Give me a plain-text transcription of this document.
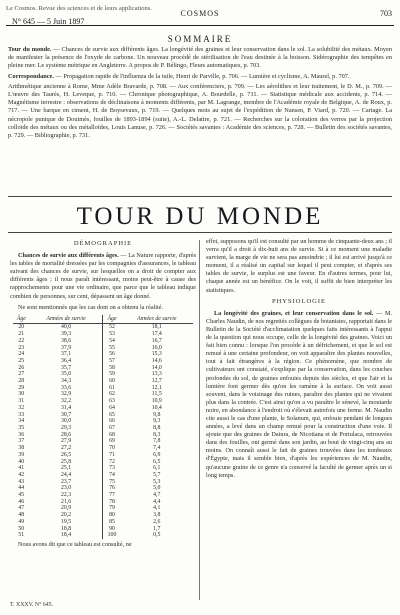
Le Cosmos. Revue des sciences et de leurs applications.
N° 645 — 5 Juin 1897
COSMOS	703
SOMMAIRE

Tour du monde. — Chances de survie aux différents âges. La longévité des graines et leur conservation dans le sol. La solubilité des métaux. Moyen de manifester la présence de l'oxyde de carbone. Un nouveau procédé de stérilisation de l'eau destinée à la boisson. Sidérographie des tempêtes en pleine mer. Le système métrique en Angleterre. A propos de P. Bélingo, Fleurs automatiques, p. 703.

Correspondance. — Propagation rapide de l'influenza de la tuile, Henri de Parville, p. 706. — Lumière et cyclisme, A. Maurel, p. 707.

Arithmétique ancienne à Rome, Mme Adèle Bravarde, p. 708. — Aux conférenciers, p. 709. — Les aérolithes et leur traitement, le D. M., p. 709. — L'œuvre des Taurès, H. Leveque, p. 710. — Chronique photographique, A. Bourdelle, p. 711. — Statistique médicale aux accidents, p. 714. — Magnétisme terrestre : observations de déclinaisons à moments différents, par M. Lagrange, membre de l'Académie royale de Belgique, A. de Roux, p. 717. — Une barque en ciment, H. de Boysevaux, p. 719. — Quelques mots au sujet de l'expédition de Nansen, P. Viard, p. 720. — Cartage. La nécropole punique de Douimès, fouilles de 1893-1894 (suite), A.-L. Delattre, p. 721. — Recherches sur la coloration des verres par la projection colloïde des métaux ou des métalloïdes, Louis Lanuse, p. 726. — Sociétés savantes : Académie des sciences, p. 728. — Bulletin des sociétés savantes, p. 729. — Bibliographie, p. 731.

TOUR DU MONDE
DÉMOGRAPHIE

Chances de survie aux différents âges. — La Nature rapporte, d'après les tables de mortalité dressées par les compagnies d'assurances, le tableau suivant des chances de survie, sur lesquelles on a droit de compter aux différents âges ; il nous paraît intéressant, moins peut-être à cause des rapprochements pour une vie ordinaire, que parce que le tableau indique combien de personnes, sur cent, dépassent un âge donné.

Ne sont mentionnés que les cas dont on a obtenu la réalité.

Âge	Années de survie	Âge	Années de survie
20	40,0	52	18,1
21	39,3	53	17,4
22	38,6	54	16,7
23	37,9	55	16,0
24	37,1	56	15,3
25	36,4	57	14,6
26	35,7	58	14,0
27	35,0	59	13,3
28	34,3	60	12,7
29	33,6	61	12,1
30	32,9	62	11,5
31	32,2	63	10,9
32	31,4	64	10,4
33	30,7	65	9,8
34	30,0	66	9,3
35	29,3	67	8,8
36	28,6	68	8,3
37	27,9	69	7,8
38	27,2	70	7,4
39	26,5	71	6,9
40	25,8	72	6,5
41	25,1	73	6,1
42	24,4	74	5,7
43	23,7	75	5,3
44	23,0	76	5,0
45	22,3	77	4,7
46	21,6	78	4,4
47	20,9	79	4,1
48	20,2	80	3,8
49	19,5	85	2,6
50	18,8	90	1,7
51	18,4	100	0,5

Nous avons dit que ce tableau est consulté, ne

effet, supposons qu'il est consulté par un homme de cinquante-deux ans ; il verra qu'il a droit à dix-huit ans de survie. Si à ce moment une maladie survient, la marge de vie ne sera pas amoindrie ; il lui est arrivé jusqu'à ce moment, il a réalisé un capital sur lequel il peut compter, et d'après ses tables de survie, le surplus est une faveur. En d'autres termes, pour lui, chaque année est un bénéfice. On le voit, il suffit de bien interpréter les statistiques.

PHYSIOLOGIE

La longévité des graines, et leur conservation dans le sol. — M. Charles Naudin, de nos regrettés collègues de botanistes, rapportait dans le Bulletin de la Société d'acclimatation quelques faits intéressants à l'appui de la question qui nous occupe, celle de la longévité des graines. Voici un fait bien connu : lorsque l'on procède à un défrichement, et que le sol est remué à une certaine profondeur, on voit apparaître des plantes nouvelles, tout à fait étrangères à la région. Ce phénomène, que nombre de cultivateurs ont constaté, s'explique par la conservation, dans les couches profondes du sol, de graines enfouies depuis des siècles, et que l'air et la lumière font germer dès qu'on les ramène à la surface. On voit aussi souvent, dans le voisinage des ruines, paraître des plantes qui ne vivaient plus dans la contrée. C'est ainsi qu'on a vu paraître le sénevé, la moutarde noire, en abondance à l'endroit où s'élevait autrefois une ferme. M. Naudin cite aussi le cas d'une plante, le Solanum, qui, enfouie pendant de longues années, a levé dans un champ remué pour la construction d'une voie. Il ajoute que des graines de Datura, de Nicotiana et de Portulaca, retrouvées dans des fouilles, ont germé dans son jardin, au bout de vingt-cinq ans au moins. On connaît aussi le fait de graines trouvées dans les tombeaux d'Égypte, mais il semble bien, d'après les expériences de M. Naudin, qu'aucune graine de ce genre n'a conservé la faculté de germer après un si long temps.

T. XXXV. N° 645.
